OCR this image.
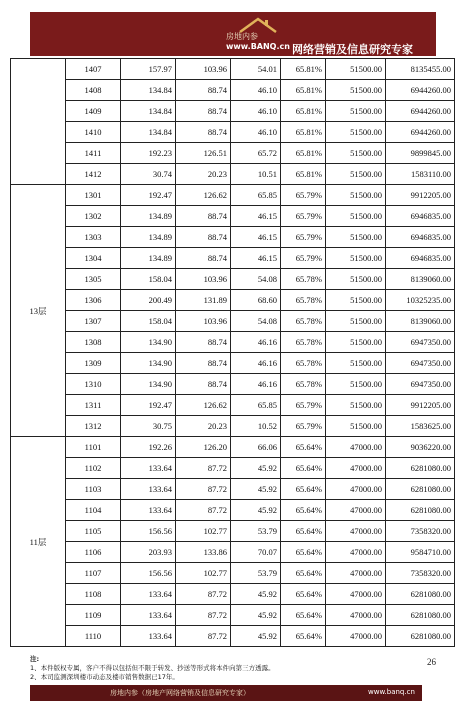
房地内参
www.BANQ.cn 网络营销及信息研究专家
	1407	157.97	103.96	54.01	65.81%	51500.00	8135455.00
	1408	134.84	88.74	46.10	65.81%	51500.00	6944260.00
	1409	134.84	88.74	46.10	65.81%	51500.00	6944260.00
	1410	134.84	88.74	46.10	65.81%	51500.00	6944260.00
	1411	192.23	126.51	65.72	65.81%	51500.00	9899845.00
	1412	30.74	20.23	10.51	65.81%	51500.00	1583110.00
13层	1301	192.47	126.62	65.85	65.79%	51500.00	9912205.00
	1302	134.89	88.74	46.15	65.79%	51500.00	6946835.00
	1303	134.89	88.74	46.15	65.79%	51500.00	6946835.00
	1304	134.89	88.74	46.15	65.79%	51500.00	6946835.00
	1305	158.04	103.96	54.08	65.78%	51500.00	8139060.00
	1306	200.49	131.89	68.60	65.78%	51500.00	10325235.00
	1307	158.04	103.96	54.08	65.78%	51500.00	8139060.00
	1308	134.90	88.74	46.16	65.78%	51500.00	6947350.00
	1309	134.90	88.74	46.16	65.78%	51500.00	6947350.00
	1310	134.90	88.74	46.16	65.78%	51500.00	6947350.00
	1311	192.47	126.62	65.85	65.79%	51500.00	9912205.00
	1312	30.75	20.23	10.52	65.79%	51500.00	1583625.00
11层	1101	192.26	126.20	66.06	65.64%	47000.00	9036220.00
	1102	133.64	87.72	45.92	65.64%	47000.00	6281080.00
	1103	133.64	87.72	45.92	65.64%	47000.00	6281080.00
	1104	133.64	87.72	45.92	65.64%	47000.00	6281080.00
	1105	156.56	102.77	53.79	65.64%	47000.00	7358320.00
	1106	203.93	133.86	70.07	65.64%	47000.00	9584710.00
	1107	156.56	102.77	53.79	65.64%	47000.00	7358320.00
	1108	133.64	87.72	45.92	65.64%	47000.00	6281080.00
	1109	133.64	87.72	45.92	65.64%	47000.00	6281080.00
	1110	133.64	87.72	45.92	65.64%	47000.00	6281080.00
注:
1、本件版权专属，客户不得以包括但不限于转发、抄送等形式将本件向第三方透露。
2、本司监测深圳楼市动态及楼市销售数据已17年。
26
房地内参（房地产网络营销及信息研究专家）	www.banq.cn
